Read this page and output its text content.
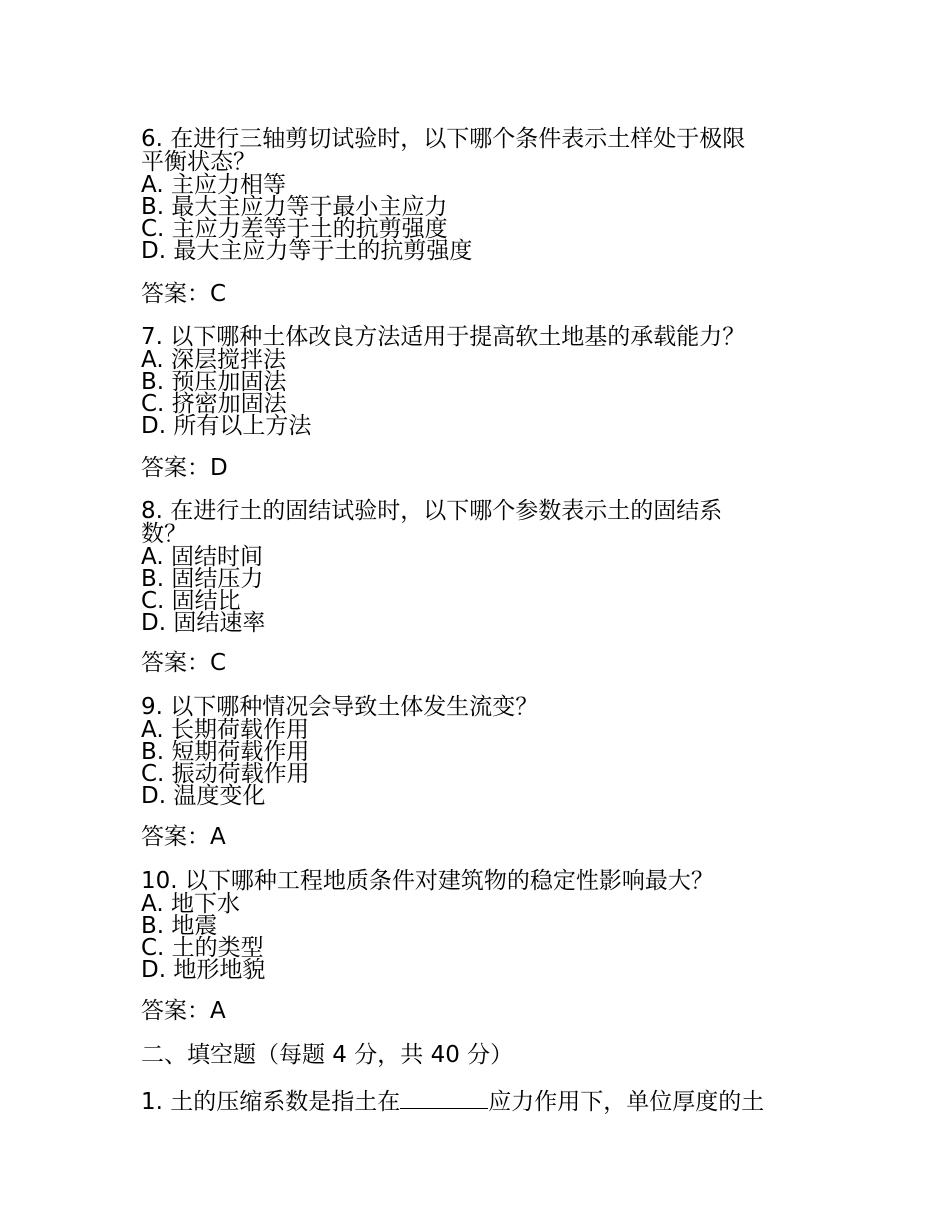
6. 在进行三轴剪切试验时，以下哪个条件表示土样处于极限

平衡状态？

A. 主应力相等

B. 最大主应力等于最小主应力

C. 主应力差等于土的抗剪强度

D. 最大主应力等于土的抗剪强度

答案：C

7. 以下哪种土体改良方法适用于提高软土地基的承载能力？

A. 深层搅拌法

B. 预压加固法

C. 挤密加固法

D. 所有以上方法

答案：D

8. 在进行土的固结试验时，以下哪个参数表示土的固结系

数？

A. 固结时间

B. 固结压力

C. 固结比

D. 固结速率

答案：C

9. 以下哪种情况会导致土体发生流变？

A. 长期荷载作用

B. 短期荷载作用

C. 振动荷载作用

D. 温度变化

答案：A

10. 以下哪种工程地质条件对建筑物的稳定性影响最大？

A. 地下水

B. 地震

C. 土的类型

D. 地形地貌

答案：A

二、填空题（每题 4 分，共 40 分）

1. 土的压缩系数是指土在	应力作用下，单位厚度的土
